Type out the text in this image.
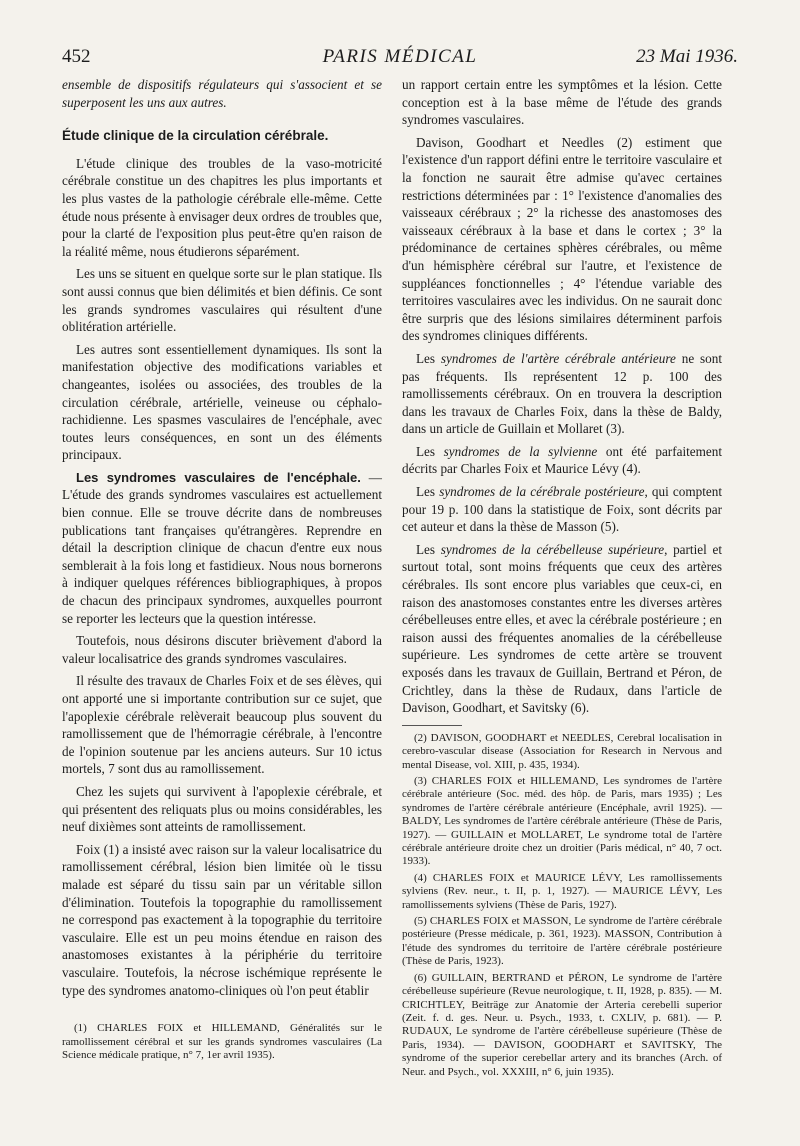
452	PARIS MÉDICAL	23 Mai 1936.

ensemble de dispositifs régulateurs qui s'associent et se superposent les uns aux autres.

Étude clinique de la circulation cérébrale.

L'étude clinique des troubles de la vaso-motricité cérébrale constitue un des chapitres les plus importants et les plus vastes de la pathologie cérébrale elle-même. Cette étude nous présente à envisager deux ordres de troubles que, pour la clarté de l'exposition plus peut-être qu'en raison de la réalité même, nous étudierons séparément.

Les uns se situent en quelque sorte sur le plan statique. Ils sont aussi connus que bien délimités et bien définis. Ce sont les grands syndromes vasculaires qui résultent d'une oblitération artérielle.

Les autres sont essentiellement dynamiques. Ils sont la manifestation objective des modifications variables et changeantes, isolées ou associées, des troubles de la circulation cérébrale, artérielle, veineuse ou céphalo-rachidienne. Les spasmes vasculaires de l'encéphale, avec toutes leurs conséquences, en sont un des éléments principaux.

Les syndromes vasculaires de l'encéphale. — L'étude des grands syndromes vasculaires est actuellement bien connue. Elle se trouve décrite dans de nombreuses publications tant françaises qu'étrangères. Reprendre en détail la description clinique de chacun d'entre eux nous semblerait à la fois long et fastidieux. Nous nous bornerons à indiquer quelques références bibliographiques, à propos de chacun des principaux syndromes, auxquelles pourront se reporter les lecteurs que la question intéresse.

Toutefois, nous désirons discuter brièvement d'abord la valeur localisatrice des grands syndromes vasculaires.

Il résulte des travaux de Charles Foix et de ses élèves, qui ont apporté une si importante contribution sur ce sujet, que l'apoplexie cérébrale relèverait beaucoup plus souvent du ramollissement que de l'hémorragie cérébrale, à l'encontre de l'opinion soutenue par les anciens auteurs. Sur 10 ictus mortels, 7 sont dus au ramollissement.

Chez les sujets qui survivent à l'apoplexie cérébrale, et qui présentent des reliquats plus ou moins considérables, les neuf dixièmes sont atteints de ramollissement.

Foix (1) a insisté avec raison sur la valeur localisatrice du ramollissement cérébral, lésion bien limitée où le tissu malade est séparé du tissu sain par un véritable sillon d'élimination. Toutefois la topographie du ramollissement ne correspond pas exactement à la topographie du territoire vasculaire. Elle est un peu moins étendue en raison des anastomoses existantes à la périphérie du territoire vasculaire. Toutefois, la nécrose ischémique représente le type des syndromes anatomo-cliniques où l'on peut établir

(1) CHARLES FOIX et HILLEMAND, Généralités sur le ramollissement cérébral et sur les grands syndromes vasculaires (La Science médicale pratique, n° 7, 1er avril 1935).

un rapport certain entre les symptômes et la lésion. Cette conception est à la base même de l'étude des grands syndromes vasculaires.

Davison, Goodhart et Needles (2) estiment que l'existence d'un rapport défini entre le territoire vasculaire et la fonction ne saurait être admise qu'avec certaines restrictions déterminées par : 1° l'existence d'anomalies des vaisseaux cérébraux ; 2° la richesse des anastomoses des vaisseaux cérébraux à la base et dans le cortex ; 3° la prédominance de certaines sphères cérébrales, ou même d'un hémisphère cérébral sur l'autre, et l'existence de suppléances fonctionnelles ; 4° l'étendue variable des territoires vasculaires avec les individus. On ne saurait donc être surpris que des lésions similaires déterminent parfois des syndromes cliniques différents.

Les syndromes de l'artère cérébrale antérieure ne sont pas fréquents. Ils représentent 12 p. 100 des ramollissements cérébraux. On en trouvera la description dans les travaux de Charles Foix, dans la thèse de Baldy, dans un article de Guillain et Mollaret (3).

Les syndromes de la sylvienne ont été parfaitement décrits par Charles Foix et Maurice Lévy (4).

Les syndromes de la cérébrale postérieure, qui comptent pour 19 p. 100 dans la statistique de Foix, sont décrits par cet auteur et dans la thèse de Masson (5).

Les syndromes de la cérébelleuse supérieure, partiel et surtout total, sont moins fréquents que ceux des artères cérébrales. Ils sont encore plus variables que ceux-ci, en raison des anastomoses constantes entre les diverses artères cérébelleuses entre elles, et avec la cérébrale postérieure ; en raison aussi des fréquentes anomalies de la cérébelleuse supérieure. Les syndromes de cette artère se trouvent exposés dans les travaux de Guillain, Bertrand et Péron, de Crichtley, dans la thèse de Rudaux, dans l'article de Davison, Goodhart, et Savitsky (6).

(2) DAVISON, GOODHART et NEEDLES, Cerebral localisation in cerebro-vascular disease (Association for Research in Nervous and mental Disease, vol. XIII, p. 435, 1934).

(3) CHARLES FOIX et HILLEMAND, Les syndromes de l'artère cérébrale antérieure (Soc. méd. des hôp. de Paris, mars 1935) ; Les syndromes de l'artère cérébrale antérieure (Encéphale, avril 1925). — BALDY, Les syndromes de l'artère cérébrale antérieure (Thèse de Paris, 1927). — GUILLAIN et MOLLARET, Le syndrome total de l'artère cérébrale antérieure droite chez un droitier (Paris médical, n° 40, 7 oct. 1933).

(4) CHARLES FOIX et MAURICE LÉVY, Les ramollissements sylviens (Rev. neur., t. II, p. 1, 1927). — MAURICE LÉVY, Les ramollissements sylviens (Thèse de Paris, 1927).

(5) CHARLES FOIX et MASSON, Le syndrome de l'artère cérébrale postérieure (Presse médicale, p. 361, 1923). MASSON, Contribution à l'étude des syndromes du territoire de l'artère cérébrale postérieure (Thèse de Paris, 1923).

(6) GUILLAIN, BERTRAND et PÉRON, Le syndrome de l'artère cérébelleuse supérieure (Revue neurologique, t. II, 1928, p. 835). — M. CRICHTLEY, Beiträge zur Anatomie der Arteria cerebelli superior (Zeit. f. d. ges. Neur. u. Psych., 1933, t. CXLIV, p. 681). — P. RUDAUX, Le syndrome de l'artère cérébelleuse supérieure (Thèse de Paris, 1934). — DAVISON, GOODHART et SAVITSKY, The syndrome of the superior cerebellar artery and its branches (Arch. of Neur. and Psych., vol. XXXIII, n° 6, juin 1935).
